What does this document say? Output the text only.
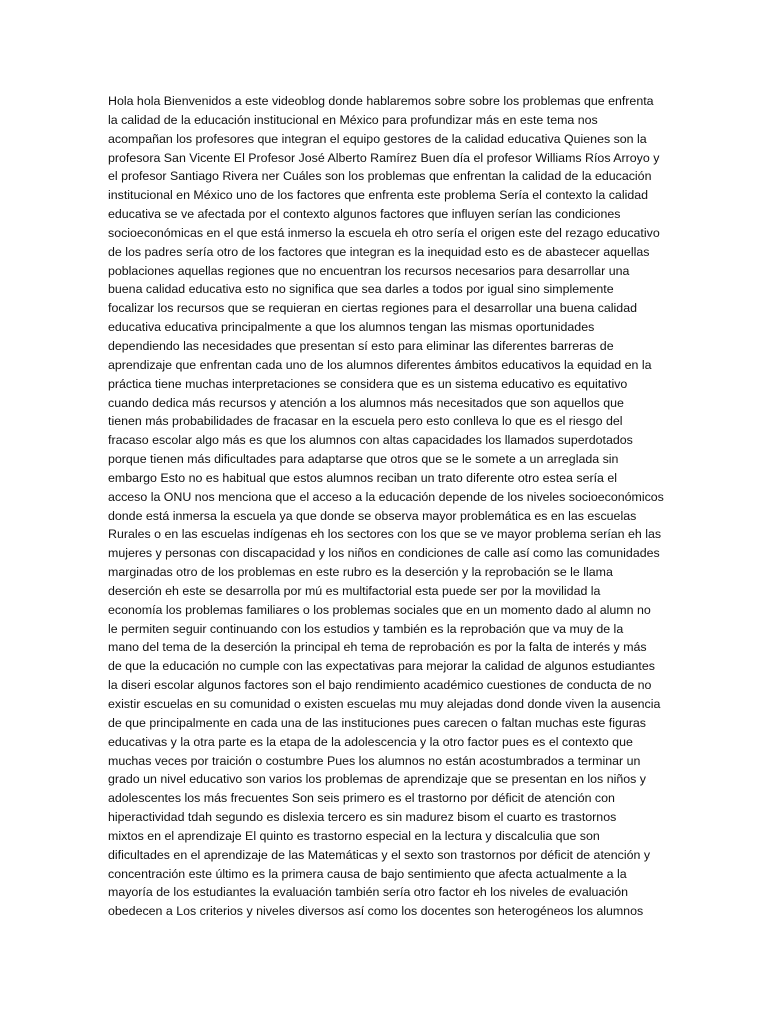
Hola hola Bienvenidos a este videoblog donde hablaremos sobre sobre los problemas que enfrenta
la calidad de la educación institucional en México para profundizar más en este tema nos
acompañan los profesores que integran el equipo gestores de la calidad educativa Quienes son la
profesora San Vicente El Profesor José Alberto Ramírez Buen día el profesor Williams Ríos Arroyo y
el profesor Santiago Rivera ner Cuáles son los problemas que enfrentan la calidad de la educación
institucional en México uno de los factores que enfrenta este problema Sería el contexto la calidad
educativa se ve afectada por el contexto algunos factores que influyen serían las condiciones
socioeconómicas en el que está inmerso la escuela eh otro sería el origen este del rezago educativo
de los padres sería otro de los factores que integran es la inequidad esto es de abastecer aquellas
poblaciones aquellas regiones que no encuentran los recursos necesarios para desarrollar una
buena calidad educativa esto no significa que sea darles a todos por igual sino simplemente
focalizar los recursos que se requieran en ciertas regiones para el desarrollar una buena calidad
educativa educativa principalmente a que los alumnos tengan las mismas oportunidades
dependiendo las necesidades que presentan sí esto para eliminar las diferentes barreras de
aprendizaje que enfrentan cada uno de los alumnos diferentes ámbitos educativos la equidad en la
práctica tiene muchas interpretaciones se considera que es un sistema educativo es equitativo
cuando dedica más recursos y atención a los alumnos más necesitados que son aquellos que
tienen más probabilidades de fracasar en la escuela pero esto conlleva lo que es el riesgo del
fracaso escolar algo más es que los alumnos con altas capacidades los llamados superdotados
porque tienen más dificultades para adaptarse que otros que se le somete a un arreglada sin
embargo Esto no es habitual que estos alumnos reciban un trato diferente otro estea sería el
acceso la ONU nos menciona que el acceso a la educación depende de los niveles socioeconómicos
donde está inmersa la escuela ya que donde se observa mayor problemática es en las escuelas
Rurales o en las escuelas indígenas eh los sectores con los que se ve mayor problema serían eh las
mujeres y personas con discapacidad y los niños en condiciones de calle así como las comunidades
marginadas otro de los problemas en este rubro es la deserción y la reprobación se le llama
deserción eh este se desarrolla por mú es multifactorial esta puede ser por la movilidad la
economía los problemas familiares o los problemas sociales que en un momento dado al alumn no
le permiten seguir continuando con los estudios y también es la reprobación que va muy de la
mano del tema de la deserción la principal eh tema de reprobación es por la falta de interés y más
de que la educación no cumple con las expectativas para mejorar la calidad de algunos estudiantes
la diseri escolar algunos factores son el bajo rendimiento académico cuestiones de conducta de no
existir escuelas en su comunidad o existen escuelas mu muy alejadas dond donde viven la ausencia
de que principalmente en cada una de las instituciones pues carecen o faltan muchas este figuras
educativas y la otra parte es la etapa de la adolescencia y la otro factor pues es el contexto que
muchas veces por traición o costumbre Pues los alumnos no están acostumbrados a terminar un
grado un nivel educativo son varios los problemas de aprendizaje que se presentan en los niños y
adolescentes los más frecuentes Son seis primero es el trastorno por déficit de atención con
hiperactividad tdah segundo es dislexia tercero es sin madurez bisom el cuarto es trastornos
mixtos en el aprendizaje El quinto es trastorno especial en la lectura y discalculia que son
dificultades en el aprendizaje de las Matemáticas y el sexto son trastornos por déficit de atención y
concentración este último es la primera causa de bajo sentimiento que afecta actualmente a la
mayoría de los estudiantes la evaluación también sería otro factor eh los niveles de evaluación
obedecen a Los criterios y niveles diversos así como los docentes son heterogéneos los alumnos
